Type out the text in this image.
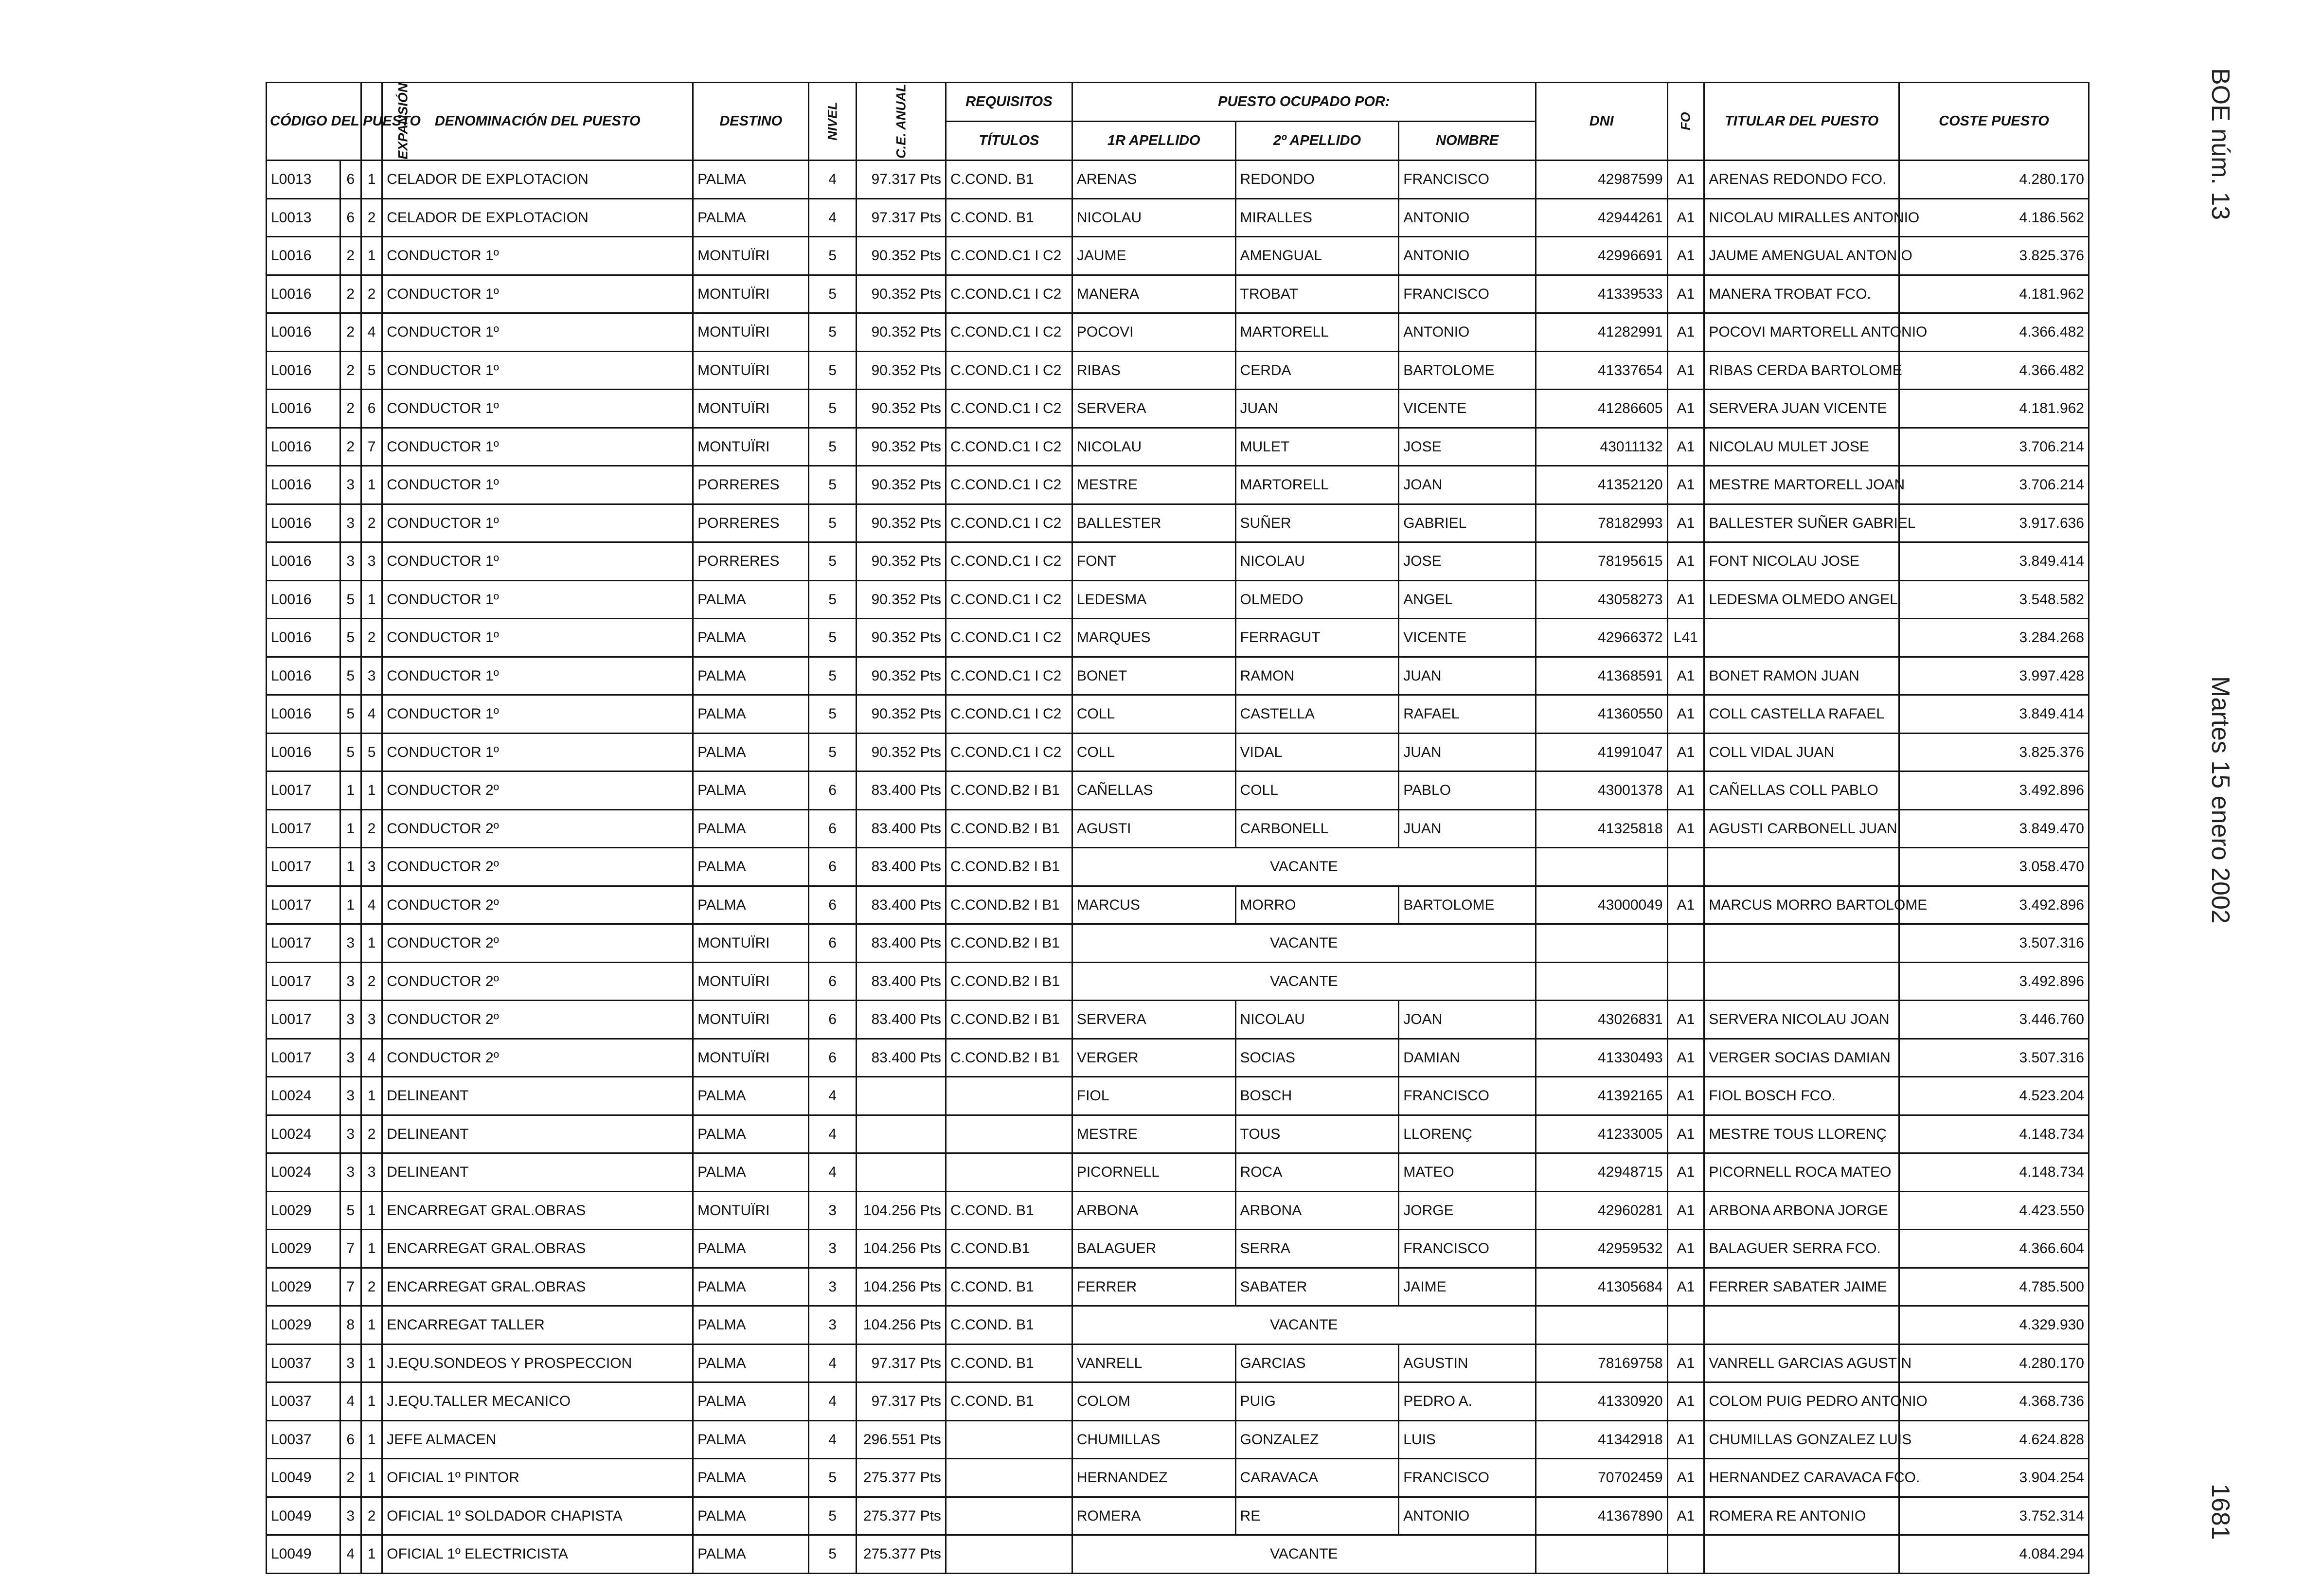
BOE núm. 13
Martes 15 enero 2002
1681
CÓDIGO DEL PUESTO		EXPANSIÓN	DENOMINACIÓN DEL PUESTO	DESTINO	NIVEL	C.E. ANUAL	REQUISITOS	PUESTO OCUPADO POR:			DNI	FO	TITULAR DEL PUESTO	COSTE PUESTO
							TÍTULOS	1R APELLIDO	2º APELLIDO	NOMBRE				
L0013	6	1	CELADOR DE EXPLOTACION	PALMA	4	97.317 Pts	C.COND. B1	ARENAS	REDONDO	FRANCISCO	42987599	A1	ARENAS REDONDO FCO.	4.280.170
L0013	6	2	CELADOR DE EXPLOTACION	PALMA	4	97.317 Pts	C.COND. B1	NICOLAU	MIRALLES	ANTONIO	42944261	A1	NICOLAU MIRALLES ANTONIO	4.186.562
L0016	2	1	CONDUCTOR 1º	MONTUÏRI	5	90.352 Pts	C.COND.C1 I C2	JAUME	AMENGUAL	ANTONIO	42996691	A1	JAUME AMENGUAL ANTONIO	3.825.376
L0016	2	2	CONDUCTOR 1º	MONTUÏRI	5	90.352 Pts	C.COND.C1 I C2	MANERA	TROBAT	FRANCISCO	41339533	A1	MANERA TROBAT FCO.	4.181.962
L0016	2	4	CONDUCTOR 1º	MONTUÏRI	5	90.352 Pts	C.COND.C1 I C2	POCOVI	MARTORELL	ANTONIO	41282991	A1	POCOVI MARTORELL ANTONIO	4.366.482
L0016	2	5	CONDUCTOR 1º	MONTUÏRI	5	90.352 Pts	C.COND.C1 I C2	RIBAS	CERDA	BARTOLOME	41337654	A1	RIBAS CERDA BARTOLOME	4.366.482
L0016	2	6	CONDUCTOR 1º	MONTUÏRI	5	90.352 Pts	C.COND.C1 I C2	SERVERA	JUAN	VICENTE	41286605	A1	SERVERA JUAN VICENTE	4.181.962
L0016	2	7	CONDUCTOR 1º	MONTUÏRI	5	90.352 Pts	C.COND.C1 I C2	NICOLAU	MULET	JOSE	43011132	A1	NICOLAU MULET JOSE	3.706.214
L0016	3	1	CONDUCTOR 1º	PORRERES	5	90.352 Pts	C.COND.C1 I C2	MESTRE	MARTORELL	JOAN	41352120	A1	MESTRE MARTORELL JOAN	3.706.214
L0016	3	2	CONDUCTOR 1º	PORRERES	5	90.352 Pts	C.COND.C1 I C2	BALLESTER	SUÑER	GABRIEL	78182993	A1	BALLESTER SUÑER GABRIEL	3.917.636
L0016	3	3	CONDUCTOR 1º	PORRERES	5	90.352 Pts	C.COND.C1 I C2	FONT	NICOLAU	JOSE	78195615	A1	FONT NICOLAU JOSE	3.849.414
L0016	5	1	CONDUCTOR 1º	PALMA	5	90.352 Pts	C.COND.C1 I C2	LEDESMA	OLMEDO	ANGEL	43058273	A1	LEDESMA OLMEDO ANGEL	3.548.582
L0016	5	2	CONDUCTOR 1º	PALMA	5	90.352 Pts	C.COND.C1 I C2	MARQUES	FERRAGUT	VICENTE	42966372	L41		3.284.268
L0016	5	3	CONDUCTOR 1º	PALMA	5	90.352 Pts	C.COND.C1 I C2	BONET	RAMON	JUAN	41368591	A1	BONET RAMON JUAN	3.997.428
L0016	5	4	CONDUCTOR 1º	PALMA	5	90.352 Pts	C.COND.C1 I C2	COLL	CASTELLA	RAFAEL	41360550	A1	COLL CASTELLA RAFAEL	3.849.414
L0016	5	5	CONDUCTOR 1º	PALMA	5	90.352 Pts	C.COND.C1 I C2	COLL	VIDAL	JUAN	41991047	A1	COLL VIDAL JUAN	3.825.376
L0017	1	1	CONDUCTOR 2º	PALMA	6	83.400 Pts	C.COND.B2 I B1	CAÑELLAS	COLL	PABLO	43001378	A1	CAÑELLAS COLL PABLO	3.492.896
L0017	1	2	CONDUCTOR 2º	PALMA	6	83.400 Pts	C.COND.B2 I B1	AGUSTI	CARBONELL	JUAN	41325818	A1	AGUSTI CARBONELL JUAN	3.849.470
L0017	1	3	CONDUCTOR 2º	PALMA	6	83.400 Pts	C.COND.B2 I B1	VACANTE						3.058.470
L0017	1	4	CONDUCTOR 2º	PALMA	6	83.400 Pts	C.COND.B2 I B1	MARCUS	MORRO	BARTOLOME	43000049	A1	MARCUS MORRO BARTOLOME	3.492.896
L0017	3	1	CONDUCTOR 2º	MONTUÏRI	6	83.400 Pts	C.COND.B2 I B1	VACANTE						3.507.316
L0017	3	2	CONDUCTOR 2º	MONTUÏRI	6	83.400 Pts	C.COND.B2 I B1	VACANTE						3.492.896
L0017	3	3	CONDUCTOR 2º	MONTUÏRI	6	83.400 Pts	C.COND.B2 I B1	SERVERA	NICOLAU	JOAN	43026831	A1	SERVERA NICOLAU JOAN	3.446.760
L0017	3	4	CONDUCTOR 2º	MONTUÏRI	6	83.400 Pts	C.COND.B2 I B1	VERGER	SOCIAS	DAMIAN	41330493	A1	VERGER SOCIAS DAMIAN	3.507.316
L0024	3	1	DELINEANT	PALMA	4			FIOL	BOSCH	FRANCISCO	41392165	A1	FIOL BOSCH FCO.	4.523.204
L0024	3	2	DELINEANT	PALMA	4			MESTRE	TOUS	LLORENÇ	41233005	A1	MESTRE TOUS LLORENÇ	4.148.734
L0024	3	3	DELINEANT	PALMA	4			PICORNELL	ROCA	MATEO	42948715	A1	PICORNELL ROCA MATEO	4.148.734
L0029	5	1	ENCARREGAT GRAL.OBRAS	MONTUÏRI	3	104.256 Pts	C.COND. B1	ARBONA	ARBONA	JORGE	42960281	A1	ARBONA ARBONA JORGE	4.423.550
L0029	7	1	ENCARREGAT GRAL.OBRAS	PALMA	3	104.256 Pts	C.COND.B1	BALAGUER	SERRA	FRANCISCO	42959532	A1	BALAGUER SERRA FCO.	4.366.604
L0029	7	2	ENCARREGAT GRAL.OBRAS	PALMA	3	104.256 Pts	C.COND. B1	FERRER	SABATER	JAIME	41305684	A1	FERRER SABATER JAIME	4.785.500
L0029	8	1	ENCARREGAT TALLER	PALMA	3	104.256 Pts	C.COND. B1	VACANTE						4.329.930
L0037	3	1	J.EQU.SONDEOS Y PROSPECCION	PALMA	4	97.317 Pts	C.COND. B1	VANRELL	GARCIAS	AGUSTIN	78169758	A1	VANRELL GARCIAS AGUSTIN	4.280.170
L0037	4	1	J.EQU.TALLER MECANICO	PALMA	4	97.317 Pts	C.COND. B1	COLOM	PUIG	PEDRO A.	41330920	A1	COLOM PUIG PEDRO ANTONIO	4.368.736
L0037	6	1	JEFE ALMACEN	PALMA	4	296.551 Pts		CHUMILLAS	GONZALEZ	LUIS	41342918	A1	CHUMILLAS GONZALEZ LUIS	4.624.828
L0049	2	1	OFICIAL 1º PINTOR	PALMA	5	275.377 Pts		HERNANDEZ	CARAVACA	FRANCISCO	70702459	A1	HERNANDEZ CARAVACA FCO.	3.904.254
L0049	3	2	OFICIAL 1º SOLDADOR CHAPISTA	PALMA	5	275.377 Pts		ROMERA	RE	ANTONIO	41367890	A1	ROMERA RE ANTONIO	3.752.314
L0049	4	1	OFICIAL 1º ELECTRICISTA	PALMA	5	275.377 Pts		VACANTE						4.084.294
